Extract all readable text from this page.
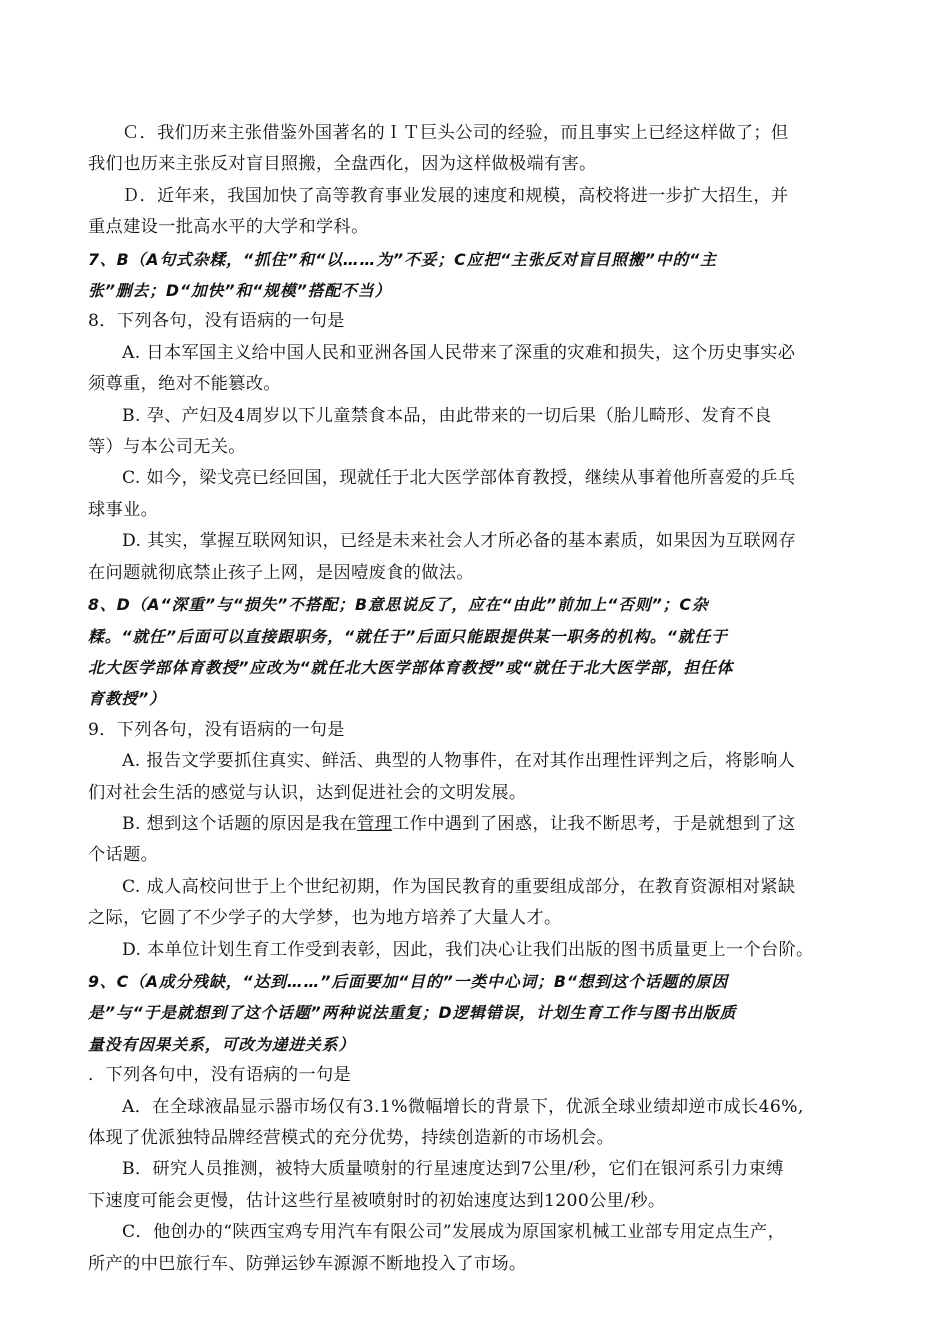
Ｃ．我们历来主张借鉴外国著名的ＩＴ巨头公司的经验，而且事实上已经这样做了；但
我们也历来主张反对盲目照搬，全盘西化，因为这样做极端有害。
Ｄ．近年来，我国加快了高等教育事业发展的速度和规模，高校将进一步扩大招生，并
重点建设一批高水平的大学和学科。
7、B（A句式杂糅，“抓住”和“以……为”不妥；C应把“主张反对盲目照搬”中的“主
张”删去；D“加快”和“规模”搭配不当）
8．下列各句，没有语病的一句是
A. 日本军国主义给中国人民和亚洲各国人民带来了深重的灾难和损失，这个历史事实必
须尊重，绝对不能篡改。
B. 孕、产妇及4周岁以下儿童禁食本品，由此带来的一切后果（胎儿畸形、发育不良
等）与本公司无关。
C. 如今，梁戈亮已经回国，现就任于北大医学部体育教授，继续从事着他所喜爱的乒乓
球事业。
D. 其实，掌握互联网知识，已经是未来社会人才所必备的基本素质，如果因为互联网存
在问题就彻底禁止孩子上网，是因噎废食的做法。
8、D（A“深重”与“损失”不搭配；B意思说反了，应在“由此”前加上“否则”；C杂
糅。“就任”后面可以直接跟职务，“就任于”后面只能跟提供某一职务的机构。“就任于
北大医学部体育教授”应改为“就任北大医学部体育教授”或“就任于北大医学部，担任体
育教授”）
9．下列各句，没有语病的一句是
A. 报告文学要抓住真实、鲜活、典型的人物事件，在对其作出理性评判之后，将影响人
们对社会生活的感觉与认识，达到促进社会的文明发展。
B. 想到这个话题的原因是我在管理工作中遇到了困惑，让我不断思考，于是就想到了这
个话题。
C. 成人高校问世于上个世纪初期，作为国民教育的重要组成部分，在教育资源相对紧缺
之际，它圆了不少学子的大学梦，也为地方培养了大量人才。
D. 本单位计划生育工作受到表彰，因此，我们决心让我们出版的图书质量更上一个台阶。
9、C（A成分残缺，“达到……”后面要加“目的”一类中心词；B“想到这个话题的原因
是”与“于是就想到了这个话题”两种说法重复；D逻辑错误，计划生育工作与图书出版质
量没有因果关系，可改为递进关系）
．下列各句中，没有语病的一句是
A．在全球液晶显示器市场仅有3.1%微幅增长的背景下，优派全球业绩却逆市成长46%,
体现了优派独特品牌经营模式的充分优势，持续创造新的市场机会。
B．研究人员推测，被特大质量喷射的行星速度达到7公里/秒，它们在银河系引力束缚
下速度可能会更慢，估计这些行星被喷射时的初始速度达到1200公里/秒。
C．他创办的“陕西宝鸡专用汽车有限公司”发展成为原国家机械工业部专用定点生产，
所产的中巴旅行车、防弹运钞车源源不断地投入了市场。
